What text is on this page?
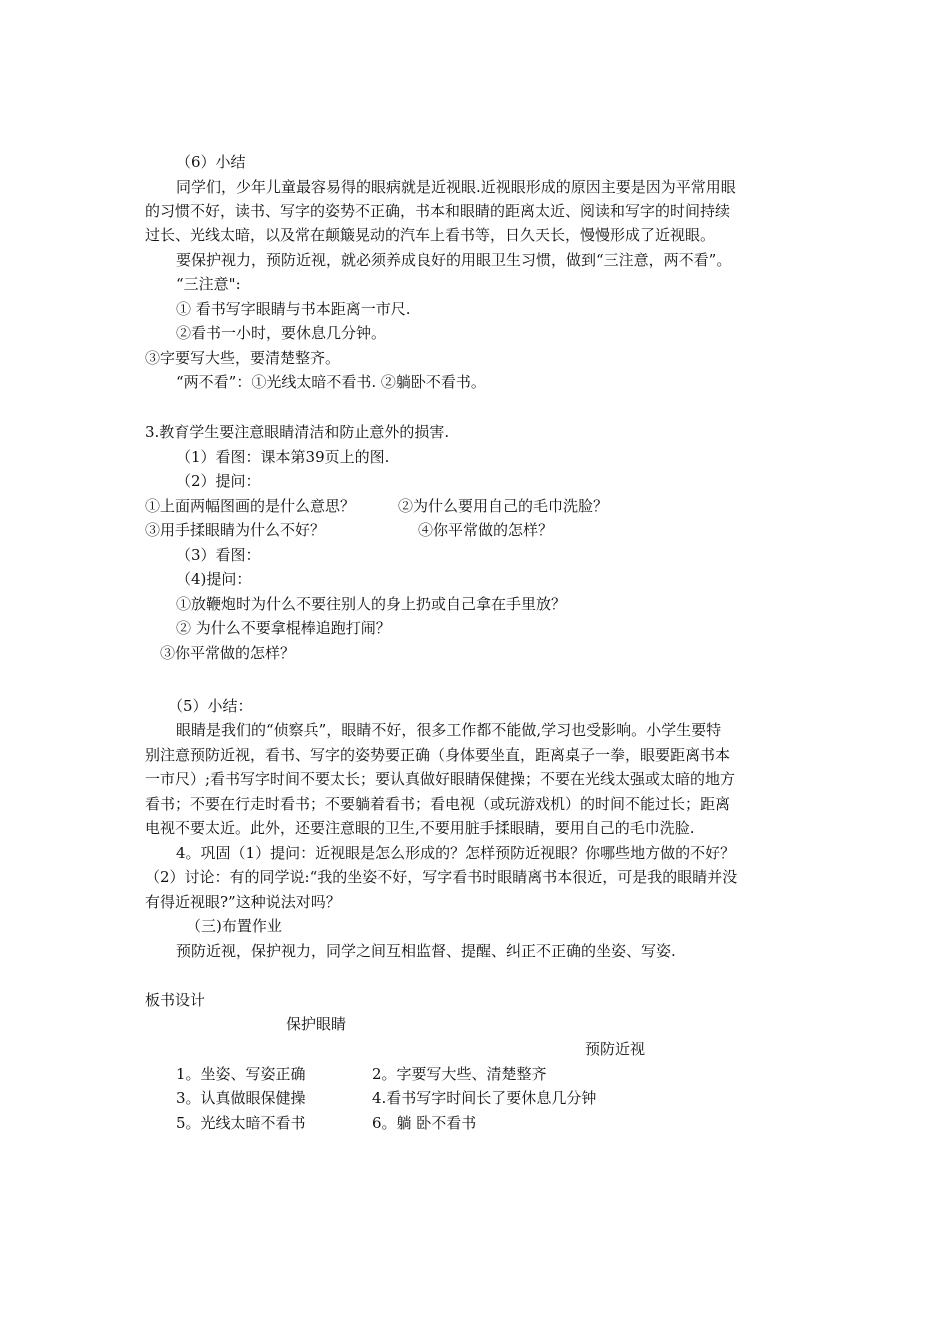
（6）小结
同学们，少年儿童最容易得的眼病就是近视眼.近视眼形成的原因主要是因为平常用眼
的习惯不好，读书、写字的姿势不正确，书本和眼睛的距离太近、阅读和写字的时间持续
过长、光线太暗，以及常在颠簸晃动的汽车上看书等，日久天长，慢慢形成了近视眼。
要保护视力，预防近视，就必须养成良好的用眼卫生习惯，做到“三注意，两不看”。
“三注意":
① 看书写字眼睛与书本距离一市尺.
②看书一小时，要休息几分钟。
③字要写大些，要清楚整齐。
“两不看”：①光线太暗不看书. ②躺卧不看书。
3.教育学生要注意眼睛清洁和防止意外的损害.
（1）看图：课本第39页上的图.
（2）提问：
①上面两幅图画的是什么意思？	②为什么要用自己的毛巾洗脸？
③用手揉眼睛为什么不好？	④你平常做的怎样？
（3）看图：
（4)提问：
①放鞭炮时为什么不要往别人的身上扔或自己拿在手里放？
② 为什么不要拿棍棒追跑打闹？
③你平常做的怎样？
（5）小结：
眼睛是我们的“侦察兵”，眼睛不好，很多工作都不能做,学习也受影响。小学生要特
别注意预防近视，看书、写字的姿势要正确（身体要坐直，距离桌子一拳，眼要距离书本
一市尺）;看书写字时间不要太长；要认真做好眼睛保健操；不要在光线太强或太暗的地方
看书；不要在行走时看书；不要躺着看书；看电视（或玩游戏机）的时间不能过长；距离
电视不要太近。此外，还要注意眼的卫生,不要用脏手揉眼睛，要用自己的毛巾洗脸.
4。巩固（1）提问：近视眼是怎么形成的？怎样预防近视眼？你哪些地方做的不好？
（2）讨论：有的同学说:“我的坐姿不好，写字看书时眼睛离书本很近，可是我的眼睛并没
有得近视眼?”这种说法对吗？
（三)布置作业
预防近视，保护视力，同学之间互相监督、提醒、纠正不正确的坐姿、写姿.
板书设计
保护眼睛
预防近视
1。坐姿、写姿正确	2。字要写大些、清楚整齐
3。认真做眼保健操	4.看书写字时间长了要休息几分钟
5。光线太暗不看书	6。躺 卧不看书
